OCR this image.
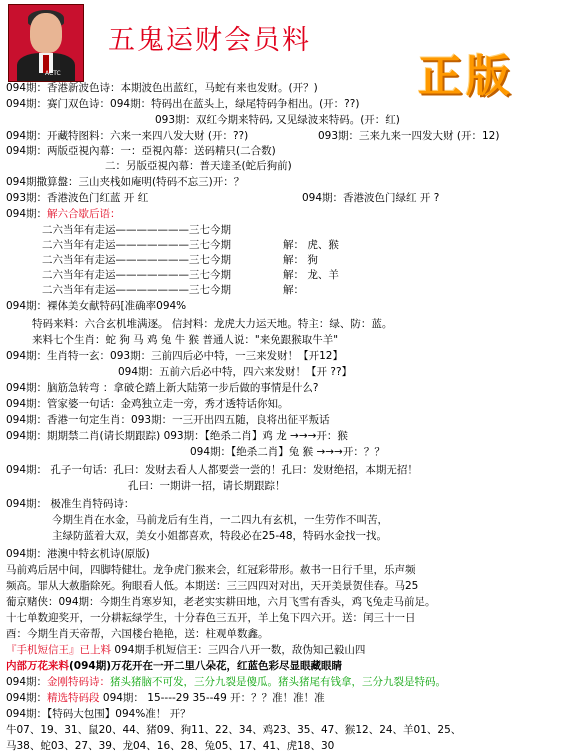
ACTC
五鬼运财会员料
正版
094期：香港新波色诗：本期波色出蓝红，马蛇有来也发财。(开？)
094期：赛门双色诗：094期：特码出在蓝头上，绿尾特码争相出。(开：??)
093期：双红今期来特码, 又见绿波来特码。(开：红)
094期：开藏特图料：六来一来四八发大财 (开：??)	093期：三来九来一四发大财 (开：12)
094期：两版亞視內幕：一：亞視內幕：送码精只(二合数)
二：另版亞視內幕：普天達圣(蛇后狗前)
094期撒算盤：三山夹栈如庵明(特码不忘三)开：？
093期：香港波色门红蓝 开 红	094期：香港波色门绿红 开 ?
094期：解六合歇后语：
二六当年有走运———————三七今期
二六当年有走运———————三七今期	解： 虎、猴
二六当年有走运———————三七今期	解： 狗
二六当年有走运———————三七今期	解： 龙、羊
二六当年有走运———————三七今期	解：
094期：裸体美女献特码[准确率094%
特码来料：六合玄机堆满逐。 信封料：龙虎大力运天地。特主：绿、防：蓝。
来料七个生肖：蛇 狗 马 鸡 兔 牛 猴 普通人说："来免跟猴取牛羊"
094期：生肖特一玄：093期：三前四后必中特，一三来发财！【开12】
094期：五前六后必中特，四六来发财！【开 ??】
094期：脑筋急转弯 ：拿破仑踏上新大陆第一步后做的事情是什么?
094期：管家婆一句话：金鸡独立走一旁，秀才透特话你知。
094期：香港一句定生肖：093期：一三开出四五随，良将出征平叛话
094期：期期禁二肖(请长期跟踪) 093期：【绝杀二肖】鸡 龙 →→→开：猴
094期：【绝杀二肖】兔 猴 →→→开：？？
094期： 孔子一句话：孔曰：发财去看人人都要尝一尝的！孔曰：发财绝招，本期无招！
孔曰：一期讲一招，请长期跟踪！
094期： 极准生肖特码诗：
今期生肖在水金，马前龙后有生肖，一二四九有玄机，一生劳作不叫苦，
主绿防蓝着大双，美女小姐都喜欢，特段必在25-48，特码水金找一找。
094期：港澳中特玄机诗(原版)
马前鸡后居中间，四脚特健壮。龙争虎门猴来会，红冠彩带形。赦书一日行千里，乐声频
频高。罪从大赦脂除死。狗眼看人低。本期送：三三四四对对出，天开美景贺佳春。马25
葡京赌侠：094期：今期生肖寒岁知，老老实实耕田地，六月飞雪有香头，鸡飞兔走马前足。
十七单数迎奖开，一分耕耘绿学生，十分春色三五开，羊上兔下四六开。送：闰三十一日
酉：今期生肖天帝帮，六国楼台艳艳，送：柱观单数鑫。
『手机短信王』已上料 094期手机短信王：三四合八开一数，敌伪知己毅山四
内部万花来料(094期)万花开在一开二里八朵花，红蓝色彩尽显眼藏眼睛
094期：金刚特码诗：猪头猪脑不可发，三分九裂是傻瓜。猪头猪尾有钱拿，三分九裂是特码。
094期：精选特码段 094期： 15----29 35--49 开：？？准！准！准
094期：【特码大包围】094%准！ 开？
牛07、19、31、鼠20、44、猪09、狗11、22、34、鸡23、35、47、猴12、24、羊01、25、
马38、蛇03、27、39、龙04、16、28、兔05、17、41、虎18、30
